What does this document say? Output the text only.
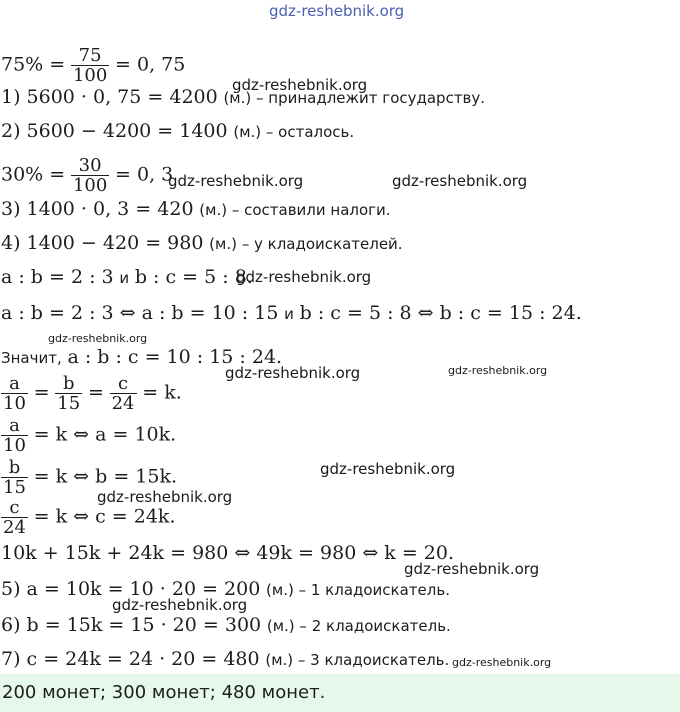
gdz-reshebnik.org
gdz-reshebnik.org
gdz-reshebnik.org	gdz-reshebnik.org
gdz-reshebnik.org
gdz-reshebnik.org
gdz-reshebnik.org	gdz-reshebnik.org
gdz-reshebnik.org
gdz-reshebnik.org
gdz-reshebnik.org
gdz-reshebnik.org
gdz-reshebnik.org
$75\% = \frac{75}{100} = 0$, 75
1) 5600 · 0, 75 = 4200 (м.) – принадлежит государству.
2) 5600 − 4200 = 1400 (м.) – осталось.
$30\% = \frac{30}{100} = 0$, 3
3) 1400 · 0, 3 = 420 (м.) – составили налоги.
4) 1400 − 420 = 980 (м.) – у кладоискателей.
a : b = 2 : 3 и b : c = 5 : 8.
a : b = 2 : 3 ⇔ a : b = 10 : 15 и b : c = 5 : 8 ⇔ b : c = 15 : 24.
Значит, a : b : c = 10 : 15 : 24.
$\frac{a}{10} = \frac{b}{15} = \frac{c}{24} = k$.
$\frac{a}{10} = k$ ⇔ a = 10k.
$\frac{b}{15} = k$ ⇔ b = 15k.
$\frac{c}{24} = k$ ⇔ c = 24k.
10k + 15k + 24k = 980 ⇔ 49k = 980 ⇔ k = 20.
5) a = 10k = 10 · 20 = 200 (м.) – 1 кладоискатель.
6) b = 15k = 15 · 20 = 300 (м.) – 2 кладоискатель.
7) c = 24k = 24 · 20 = 480 (м.) – 3 кладоискатель.
200 монет; 300 монет; 480 монет.
